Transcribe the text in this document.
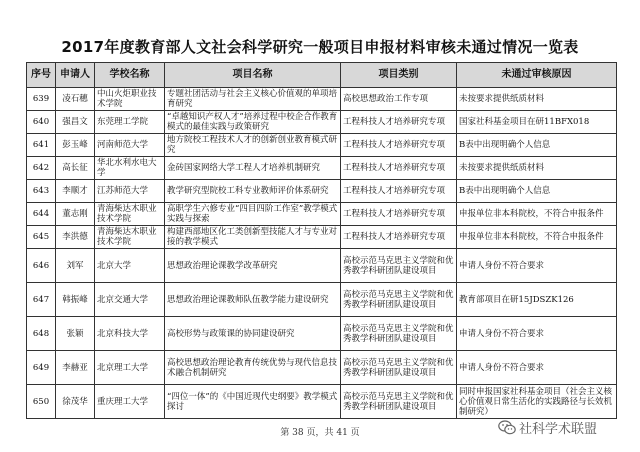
2017年度教育部人文社会科学研究一般项目申报材料审核未通过情况一览表
序号	申请人	学校名称	项目名称	项目类别	未通过审核原因
639	凌石穗	中山火炬职业技术学院	专题社团活动与社会主义核心价值观的单项培育研究	高校思想政治工作专项	未按要求提供纸质材料
640	强昌文	东莞理工学院	“卓越知识产权人才”培养过程中校企合作教育模式的最佳实践与政策研究	工程科技人才培养研究专项	国家社科基金项目在研11BFX018
641	彭玉峰	河南师范大学	地方院校工程技术人才的创新创业教育模式研究	工程科技人才培养研究专项	B表中出现明确个人信息
642	高长征	华北水利水电大学	金砖国家网络大学工程人才培养机制研究	工程科技人才培养研究专项	未按要求提供纸质材料
643	李顺才	江苏师范大学	教学研究型院校工科专业教师评价体系研究	工程科技人才培养研究专项	B表中出现明确个人信息
644	董志刚	青海柴达木职业技术学院	高职学生六修专业“四目四阶工作室”教学模式实践与探索	工程科技人才培养研究专项	申报单位非本科院校，不符合申报条件
645	李洪德	青海柴达木职业技术学院	构建西部地区化工类创新型技能人才与专业对接的教学模式	工程科技人才培养研究专项	申报单位非本科院校，不符合申报条件
646	刘军	北京大学	思想政治理论课教学改革研究	高校示范马克思主义学院和优秀教学科研团队建设项目	申请人身份不符合要求
647	韩振峰	北京交通大学	思想政治理论课教师队伍教学能力建设研究	高校示范马克思主义学院和优秀教学科研团队建设项目	教育部项目在研15JDSZK126
648	张颖	北京科技大学	高校形势与政策课的协同建设研究	高校示范马克思主义学院和优秀教学科研团队建设项目	申请人身份不符合要求
649	李赫亚	北京理工大学	高校思想政治理论教育传统优势与现代信息技术融合机制研究	高校示范马克思主义学院和优秀教学科研团队建设项目	申请人身份不符合要求
650	徐茂华	重庆理工大学	“四位一体”的《中国近现代史纲要》教学模式探讨	高校示范马克思主义学院和优秀教学科研团队建设项目	同时申报国家社科基金项目（社会主义核心价值观日常生活化的实践路径与长效机制研究）
第 38 页，共 41 页	社科学术联盟
